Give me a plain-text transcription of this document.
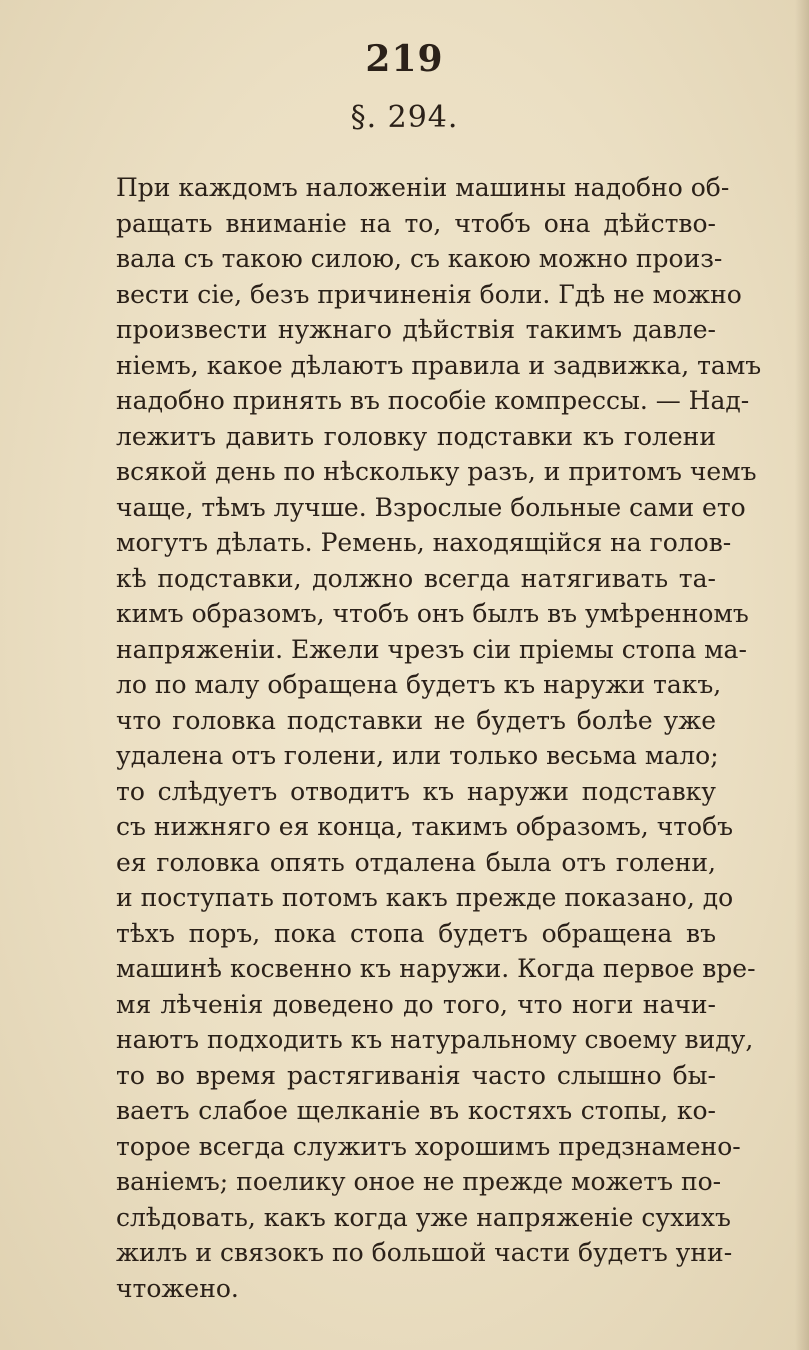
219
§. 294.
При каждомъ наложеніи машины надобно об-
ращать вниманіе на то, чтобъ она дѣйство-
вала съ такою силою, съ какою можно произ-
вести сіе, безъ причиненія боли. Гдѣ не можно
произвести нужнаго дѣйствія такимъ давле-
ніемъ, какое дѣлаютъ правила и задвижка, тамъ
надобно принять въ пособіе компрессы. — Над-
лежитъ давить головку подставки къ голени
всякой день по нѣскольку разъ, и притомъ чемъ
чаще, тѣмъ лучше. Взрослые больные сами ето
могутъ дѣлать. Ремень, находящійся на голов-
кѣ подставки, должно всегда натягивать та-
кимъ образомъ, чтобъ онъ былъ въ умѣренномъ
напряженіи. Ежели чрезъ сіи пріемы стопа ма-
ло по малу обращена будетъ къ наружи такъ,
что головка подставки не будетъ болѣе уже
удалена отъ голени, или только весьма мало;
то слѣдуетъ отводитъ къ наружи подставку
съ нижняго ея конца, такимъ образомъ, чтобъ
ея головка опять отдалена была отъ голени,
и поступать потомъ какъ прежде показано, до
тѣхъ поръ, пока стопа будетъ обращена въ
машинѣ косвенно къ наружи. Когда первое вре-
мя лѣченія доведено до того, что ноги начи-
наютъ подходить къ натуральному своему виду,
то во время растягиванія часто слышно бы-
ваетъ слабое щелканіе въ костяхъ стопы, ко-
торое всегда служитъ хорошимъ предзнамено-
ваніемъ; поелику оное не прежде можетъ по-
слѣдовать, какъ когда уже напряженіе сухихъ
жилъ и связокъ по большой части будетъ уни-
чтожено.
